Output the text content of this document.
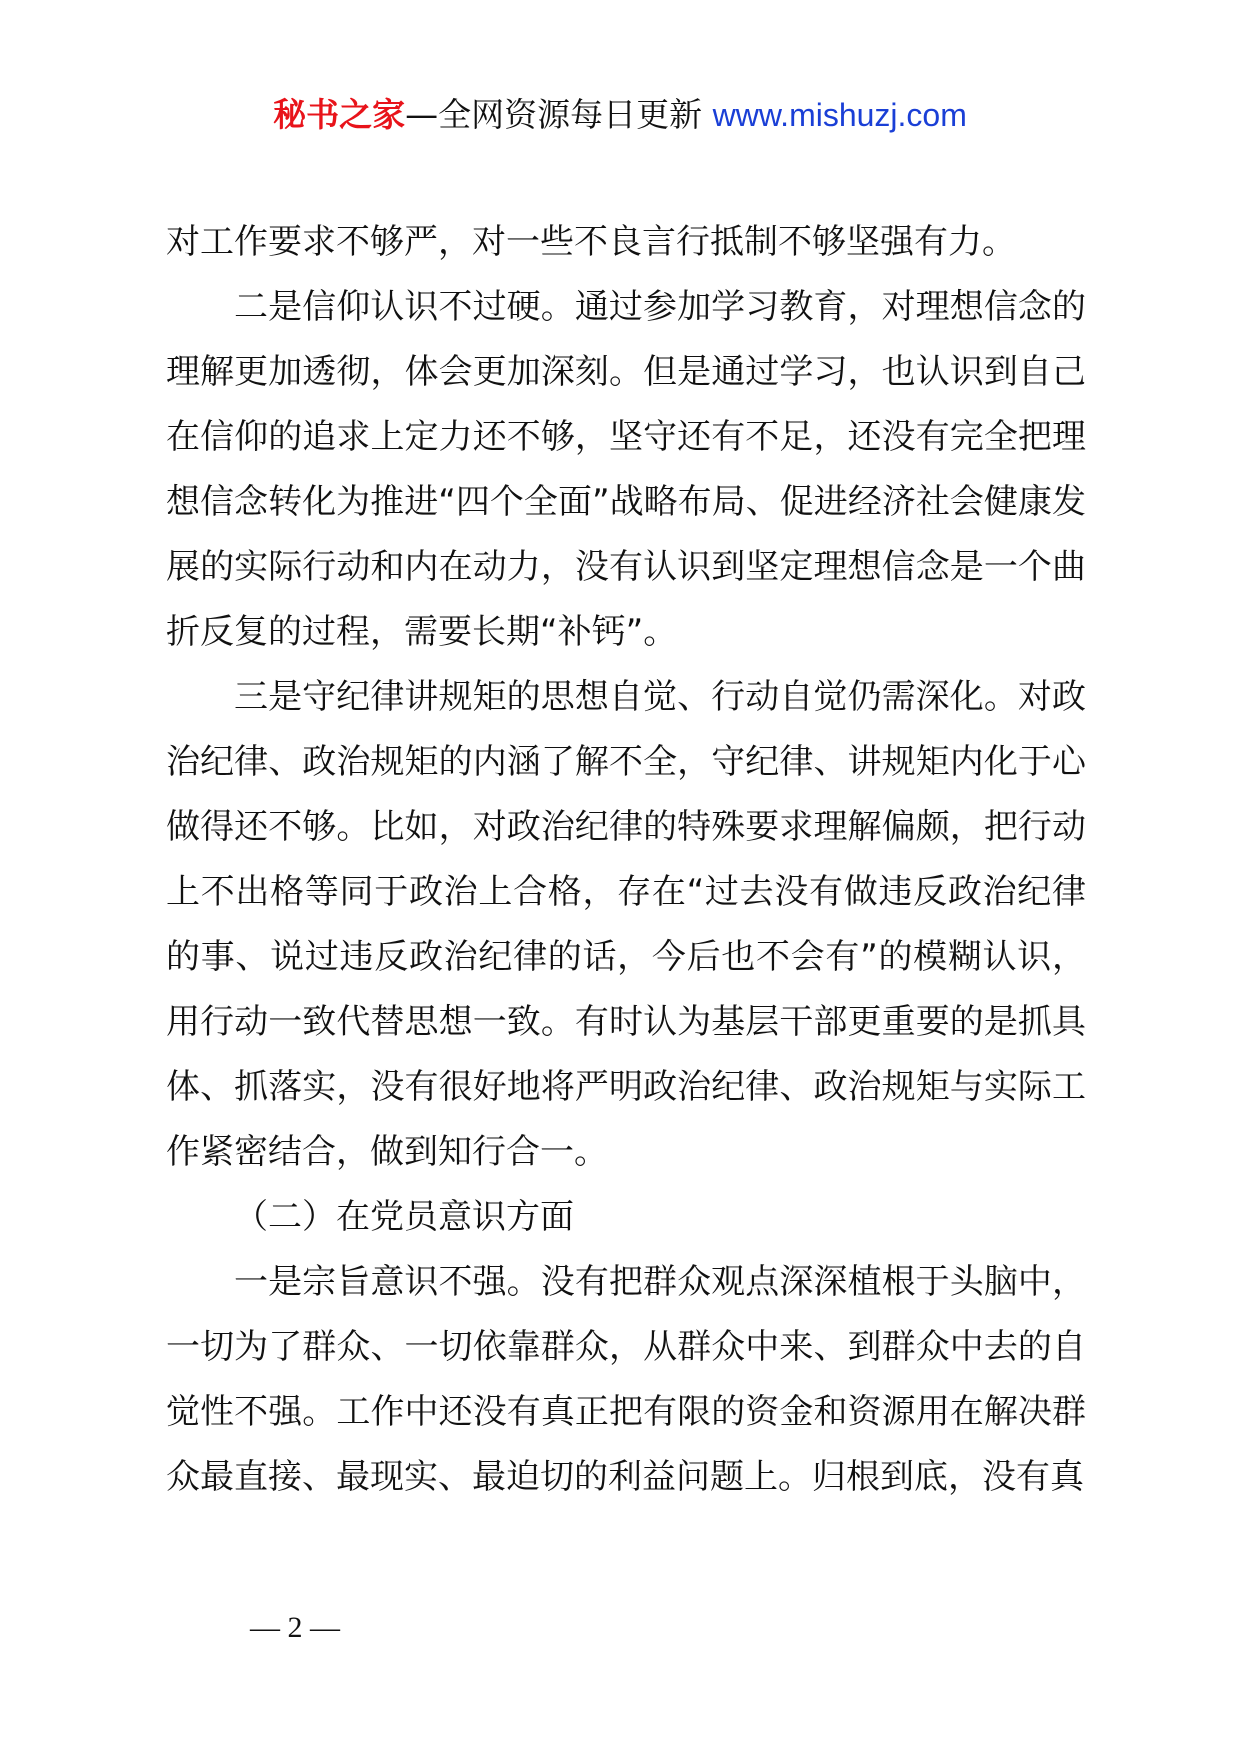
秘书之家—全网资源每日更新 www.mishuzj.com

对工作要求不够严，对一些不良言行抵制不够坚强有力。

二是信仰认识不过硬。通过参加学习教育，对理想信念的理解更加透彻，体会更加深刻。但是通过学习，也认识到自己在信仰的追求上定力还不够，坚守还有不足，还没有完全把理想信念转化为推进“四个全面”战略布局、促进经济社会健康发展的实际行动和内在动力，没有认识到坚定理想信念是一个曲折反复的过程，需要长期“补钙”。

三是守纪律讲规矩的思想自觉、行动自觉仍需深化。对政治纪律、政治规矩的内涵了解不全，守纪律、讲规矩内化于心做得还不够。比如，对政治纪律的特殊要求理解偏颇，把行动上不出格等同于政治上合格，存在“过去没有做违反政治纪律的事、说过违反政治纪律的话，今后也不会有”的模糊认识，用行动一致代替思想一致。有时认为基层干部更重要的是抓具体、抓落实，没有很好地将严明政治纪律、政治规矩与实际工作紧密结合，做到知行合一。

（二）在党员意识方面

一是宗旨意识不强。没有把群众观点深深植根于头脑中，一切为了群众、一切依靠群众，从群众中来、到群众中去的自觉性不强。工作中还没有真正把有限的资金和资源用在解决群众最直接、最现实、最迫切的利益问题上。归根到底，没有真

— 2 —
